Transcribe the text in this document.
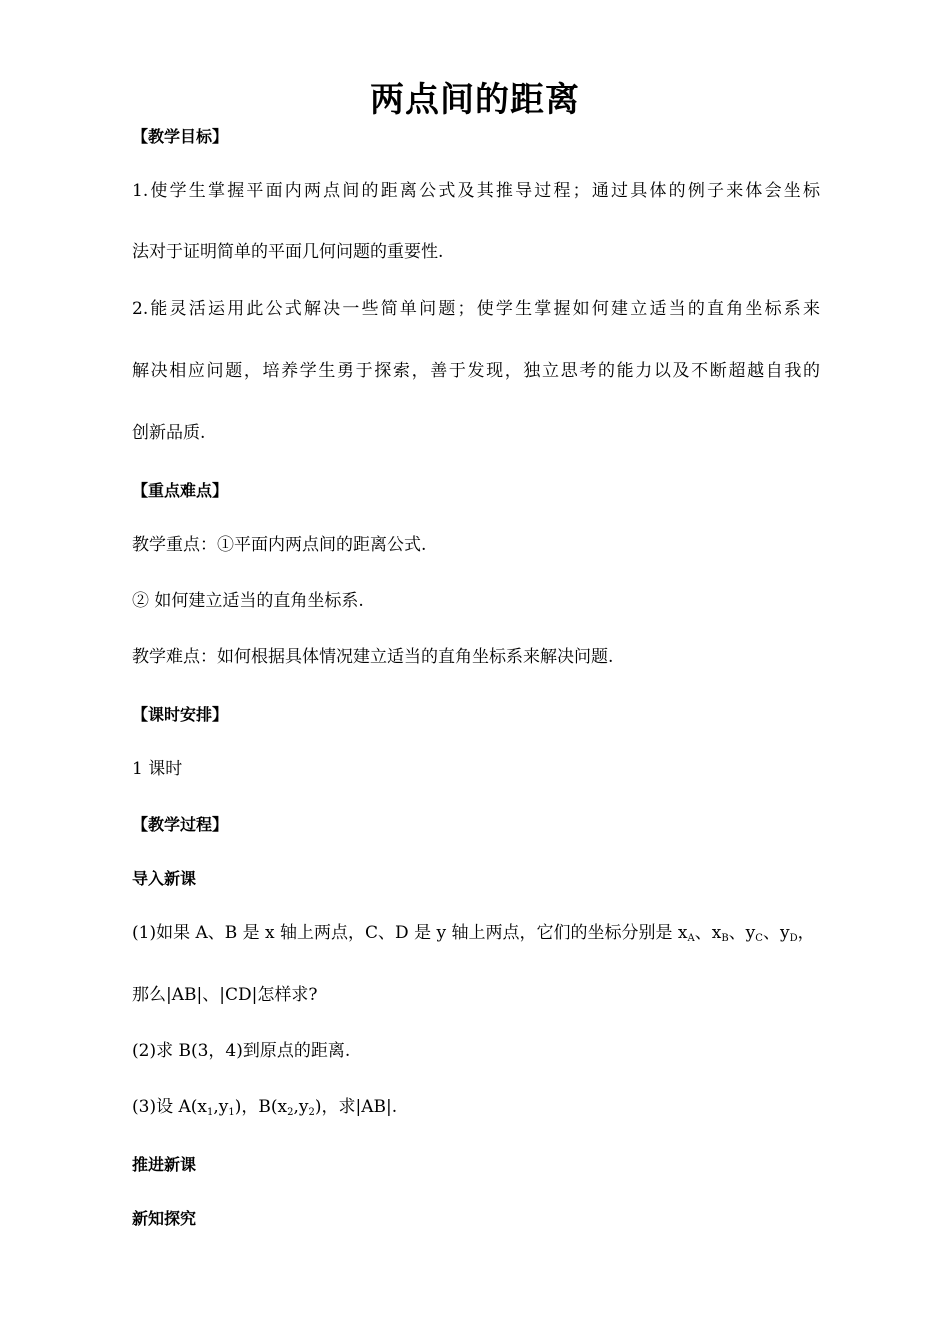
两点间的距离
【教学目标】
1.使学生掌握平面内两点间的距离公式及其推导过程；通过具体的例子来体会坐标
法对于证明简单的平面几何问题的重要性.
2.能灵活运用此公式解决一些简单问题；使学生掌握如何建立适当的直角坐标系来
解决相应问题，培养学生勇于探索，善于发现，独立思考的能力以及不断超越自我的
创新品质.
【重点难点】
教学重点：①平面内两点间的距离公式.
② 如何建立适当的直角坐标系.
教学难点：如何根据具体情况建立适当的直角坐标系来解决问题.
【课时安排】
1 课时
【教学过程】
导入新课
(1)如果 A、B 是 x 轴上两点，C、D 是 y 轴上两点，它们的坐标分别是 $x_A$、$x_B$、$y_C$、$y_D$，
那么|AB|、|CD|怎样求?
(2)求 B(3，4)到原点的距离.
(3)设 $A(x_1,y_1)$，$B(x_2,y_2)$，求|AB|.
推进新课
新知探究
